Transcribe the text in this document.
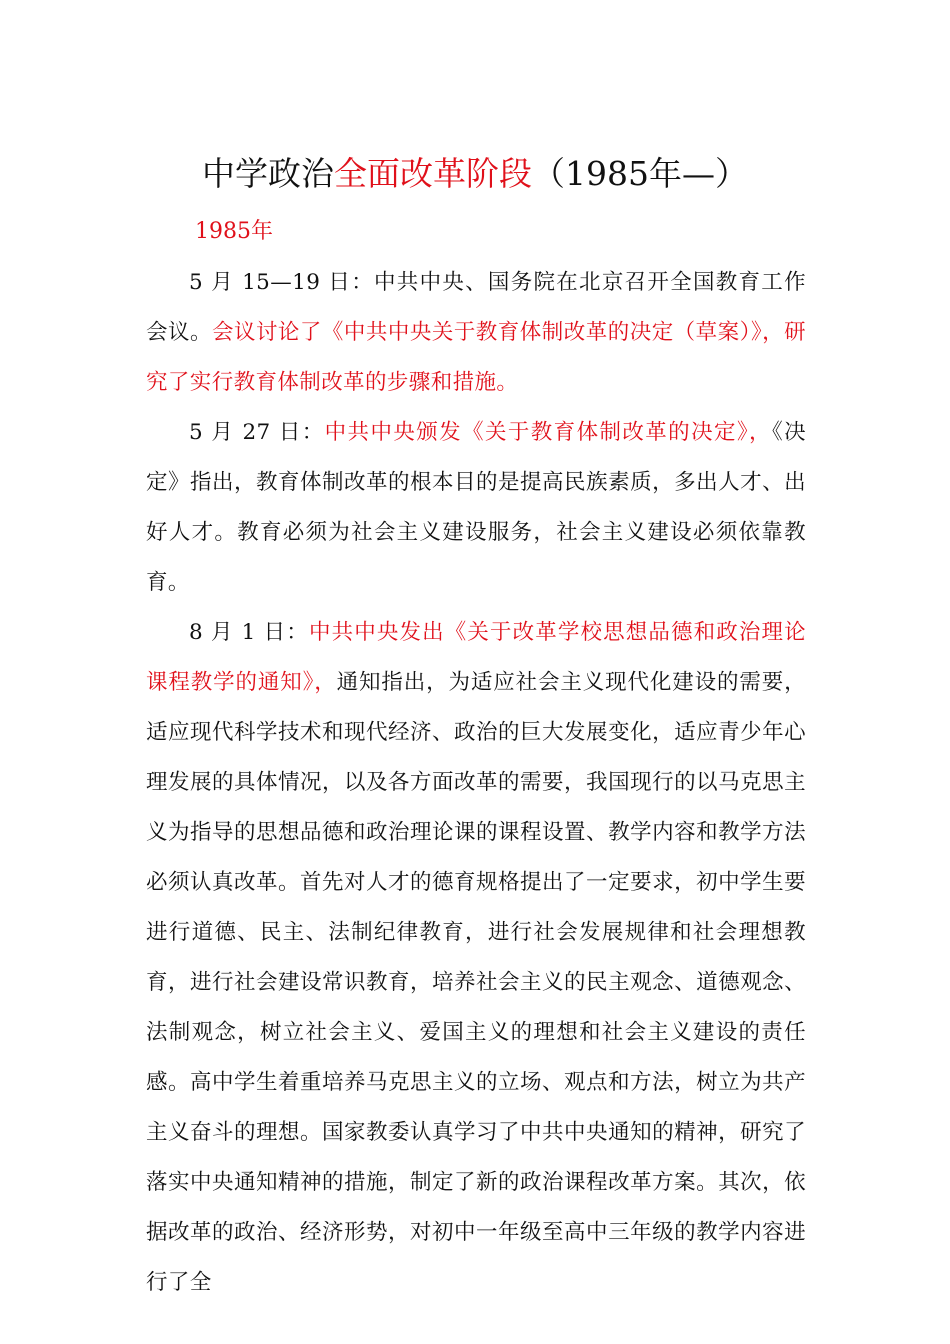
中学政治全面改革阶段（1985年—）
1985年

5 月 15—19 日：中共中央、国务院在北京召开全国教育工作会议。会议讨论了《中共中央关于教育体制改革的决定（草案）》，研究了实行教育体制改革的步骤和措施。

5 月 27 日：中共中央颁发《关于教育体制改革的决定》，《决定》指出，教育体制改革的根本目的是提高民族素质，多出人才、出好人才。教育必须为社会主义建设服务，社会主义建设必须依靠教育。

8 月 1 日：中共中央发出《关于改革学校思想品德和政治理论课程教学的通知》，通知指出，为适应社会主义现代化建设的需要，适应现代科学技术和现代经济、政治的巨大发展变化，适应青少年心理发展的具体情况，以及各方面改革的需要，我国现行的以马克思主义为指导的思想品德和政治理论课的课程设置、教学内容和教学方法必须认真改革。首先对人才的德育规格提出了一定要求，初中学生要进行道德、民主、法制纪律教育，进行社会发展规律和社会理想教育，进行社会建设常识教育，培养社会主义的民主观念、道德观念、法制观念，树立社会主义、爱国主义的理想和社会主义建设的责任感。高中学生着重培养马克思主义的立场、观点和方法，树立为共产主义奋斗的理想。国家教委认真学习了中共中央通知的精神，研究了落实中央通知精神的措施，制定了新的政治课程改革方案。其次，依据改革的政治、经济形势，对初中一年级至高中三年级的教学内容进行了全
